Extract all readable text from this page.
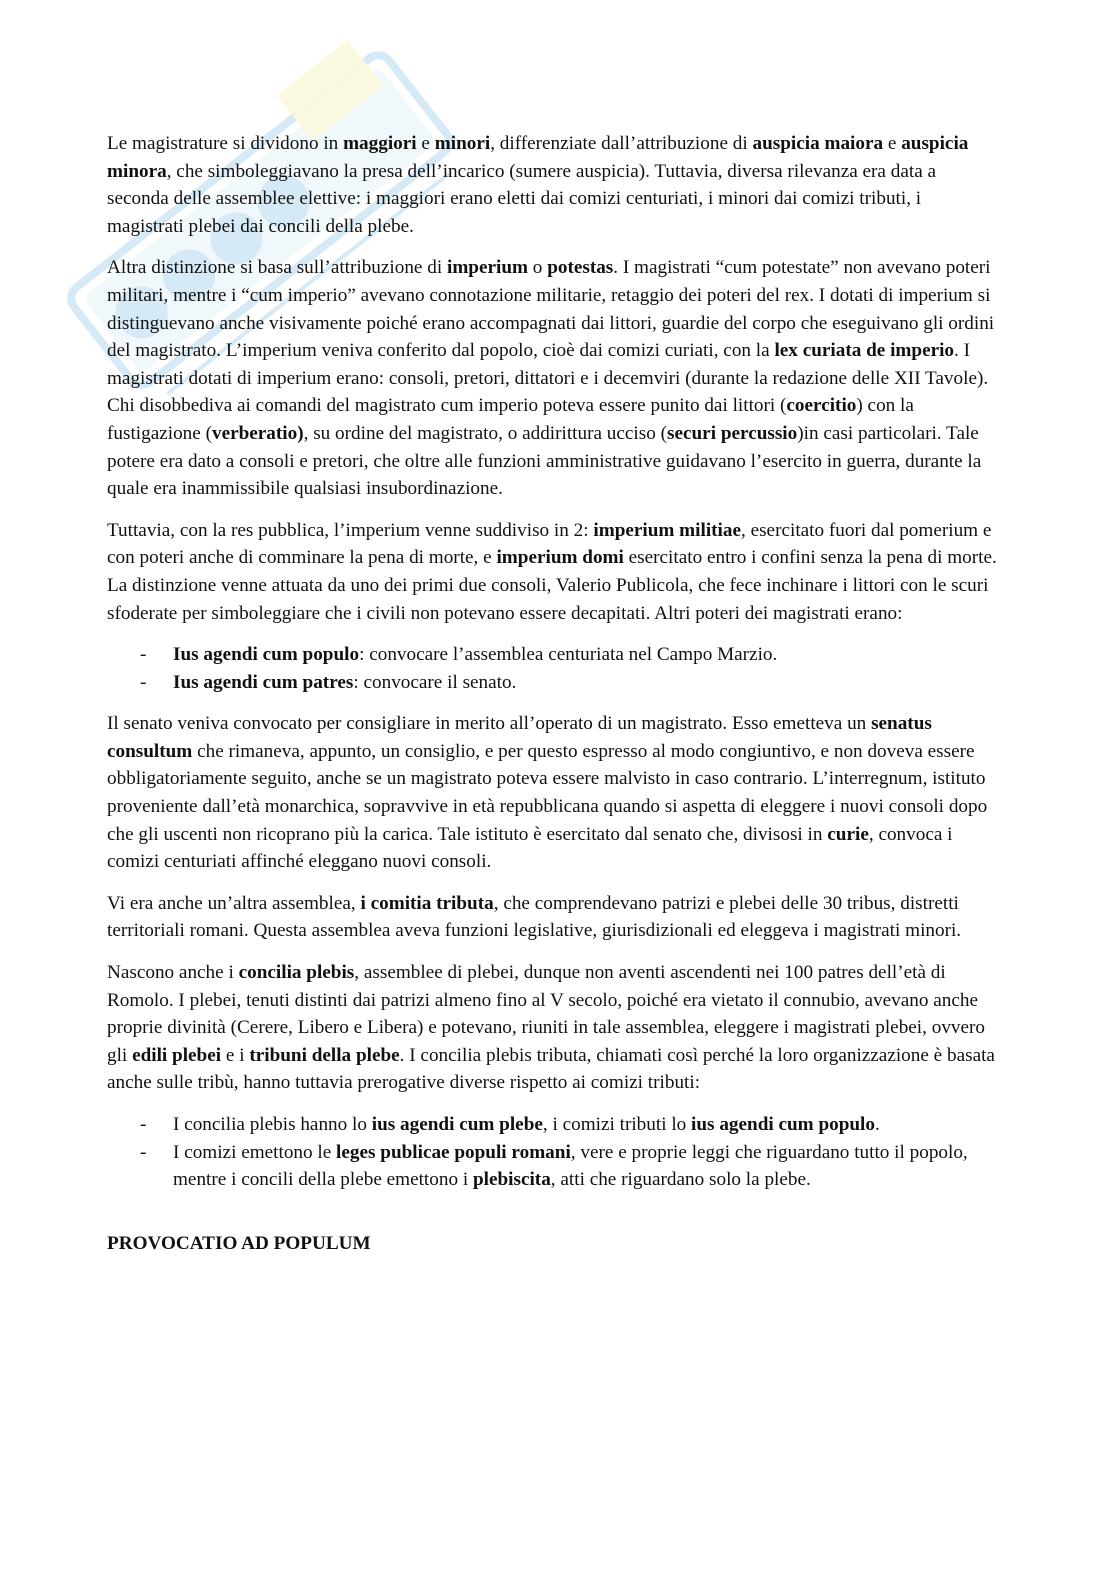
Le magistrature si dividono in maggiori e minori, differenziate dall’attribuzione di auspicia maiora e auspicia minora, che simboleggiavano la presa dell’incarico (sumere auspicia). Tuttavia, diversa rilevanza era data a seconda delle assemblee elettive: i maggiori erano eletti dai comizi centuriati, i minori dai comizi tributi, i magistrati plebei dai concili della plebe.

Altra distinzione si basa sull’attribuzione di imperium o potestas. I magistrati “cum potestate” non avevano poteri militari, mentre i “cum imperio” avevano connotazione militarie, retaggio dei poteri del rex. I dotati di imperium si distinguevano anche visivamente poiché erano accompagnati dai littori, guardie del corpo che eseguivano gli ordini del magistrato. L’imperium veniva conferito dal popolo, cioè dai comizi curiati, con la lex curiata de imperio. I magistrati dotati di imperium erano: consoli, pretori, dittatori e i decemviri (durante la redazione delle XII Tavole). Chi disobbediva ai comandi del magistrato cum imperio poteva essere punito dai littori (coercitio) con la fustigazione (verberatio), su ordine del magistrato, o addirittura ucciso (securi percussio)in casi particolari. Tale potere era dato a consoli e pretori, che oltre alle funzioni amministrative guidavano l’esercito in guerra, durante la quale era inammissibile qualsiasi insubordinazione.

Tuttavia, con la res pubblica, l’imperium venne suddiviso in 2: imperium militiae, esercitato fuori dal pomerium e con poteri anche di comminare la pena di morte, e imperium domi esercitato entro i confini senza la pena di morte. La distinzione venne attuata da uno dei primi due consoli, Valerio Publicola, che fece inchinare i littori con le scuri sfoderate per simboleggiare che i civili non potevano essere decapitati. Altri poteri dei magistrati erano:

- Ius agendi cum populo: convocare l’assemblea centuriata nel Campo Marzio.
- Ius agendi cum patres: convocare il senato.

Il senato veniva convocato per consigliare in merito all’operato di un magistrato. Esso emetteva un senatus consultum che rimaneva, appunto, un consiglio, e per questo espresso al modo congiuntivo, e non doveva essere obbligatoriamente seguito, anche se un magistrato poteva essere malvisto in caso contrario. L’interregnum, istituto proveniente dall’età monarchica, sopravvive in età repubblicana quando si aspetta di eleggere i nuovi consoli dopo che gli uscenti non ricoprano più la carica. Tale istituto è esercitato dal senato che, divisosi in curie, convoca i comizi centuriati affinché eleggano nuovi consoli.

Vi era anche un’altra assemblea, i comitia tributa, che comprendevano patrizi e plebei delle 30 tribus, distretti territoriali romani. Questa assemblea aveva funzioni legislative, giurisdizionali ed eleggeva i magistrati minori.

Nascono anche i concilia plebis, assemblee di plebei, dunque non aventi ascendenti nei 100 patres dell’età di Romolo. I plebei, tenuti distinti dai patrizi almeno fino al V secolo, poiché era vietato il connubio, avevano anche proprie divinità (Cerere, Libero e Libera) e potevano, riuniti in tale assemblea, eleggere i magistrati plebei, ovvero gli edili plebei e i tribuni della plebe. I concilia plebis tributa, chiamati così perché la loro organizzazione è basata anche sulle tribù, hanno tuttavia prerogative diverse rispetto ai comizi tributi:

- I concilia plebis hanno lo ius agendi cum plebe, i comizi tributi lo ius agendi cum populo.
- I comizi emettono le leges publicae populi romani, vere e proprie leggi che riguardano tutto il popolo, mentre i concili della plebe emettono i plebiscita, atti che riguardano solo la plebe.

PROVOCATIO AD POPULUM
